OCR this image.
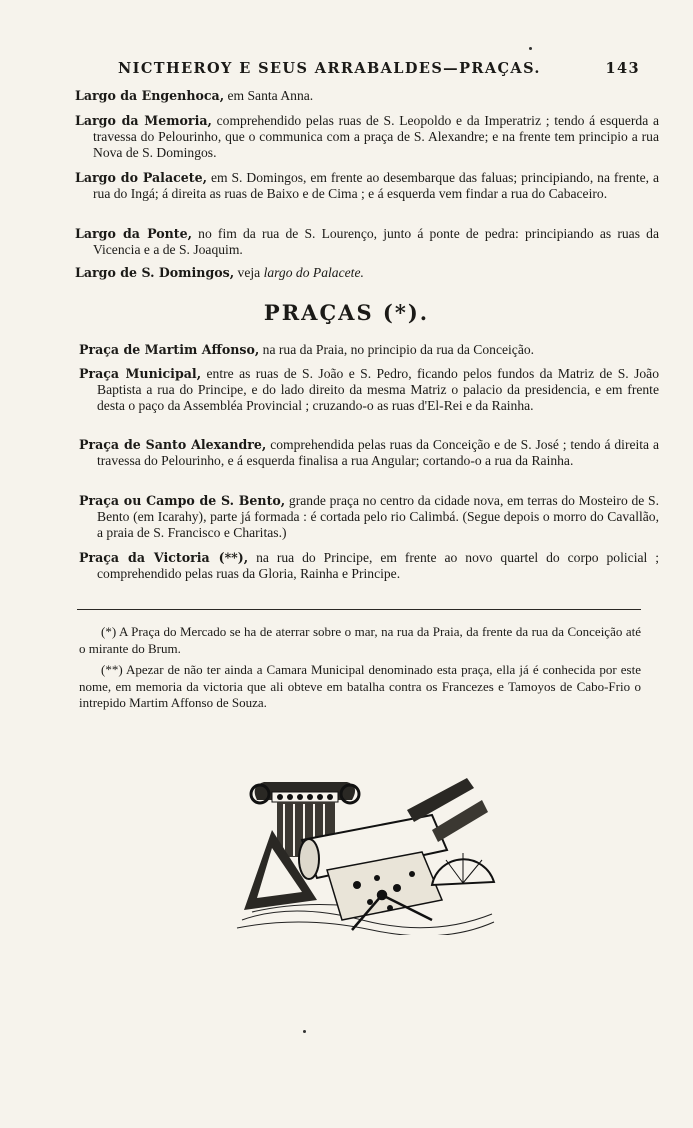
NICTHEROY E SEUS ARRABALDES—PRAÇAS.	143
Largo da Engenhoca, em Santa Anna.
Largo da Memoria, comprehendido pelas ruas de S. Leopoldo e da Imperatriz ; tendo á esquerda a travessa do Pelourinho, que o communica com a praça de S. Alexandre; e na frente tem principio a rua Nova de S. Domingos.
Largo do Palacete, em S. Domingos, em frente ao desembarque das faluas; principiando, na frente, a rua do Ingá; á direita as ruas de Baixo e de Cima ; e á esquerda vem findar a rua do Cabaceiro.
Largo da Ponte, no fim da rua de S. Lourenço, junto á ponte de pedra: principiando as ruas da Vicencia e a de S. Joaquim.
Largo de S. Domingos, veja largo do Palacete.
PRAÇAS (*).
Praça de Martim Affonso, na rua da Praia, no principio da rua da Conceição.
Praça Municipal, entre as ruas de S. João e S. Pedro, ficando pelos fundos da Matriz de S. João Baptista a rua do Principe, e do lado direito da mesma Matriz o palacio da presidencia, e em frente desta o paço da Assembléa Provincial ; cruzando-o as ruas d'El-Rei e da Rainha.
Praça de Santo Alexandre, comprehendida pelas ruas da Conceição e de S. José ; tendo á direita a travessa do Pelourinho, e á esquerda finalisa a rua Angular; cortando-o a rua da Rainha.
Praça ou Campo de S. Bento, grande praça no centro da cidade nova, em terras do Mosteiro de S. Bento (em Icarahy), parte já formada : é cortada pelo rio Calimbá. (Segue depois o morro do Cavallão, a praia de S. Francisco e Charitas.)
Praça da Victoria (**), na rua do Principe, em frente ao novo quartel do corpo policial ; comprehendido pelas ruas da Gloria, Rainha e Principe.
(*) A Praça do Mercado se ha de aterrar sobre o mar, na rua da Praia, da frente da rua da Conceição até o mirante do Brum.
(**) Apezar de não ter ainda a Camara Municipal denominado esta praça, ella já é conhecida por este nome, em memoria da victoria que ali obteve em batalha contra os Francezes e Tamoyos de Cabo-Frio o intrepido Martim Affonso de Souza.
